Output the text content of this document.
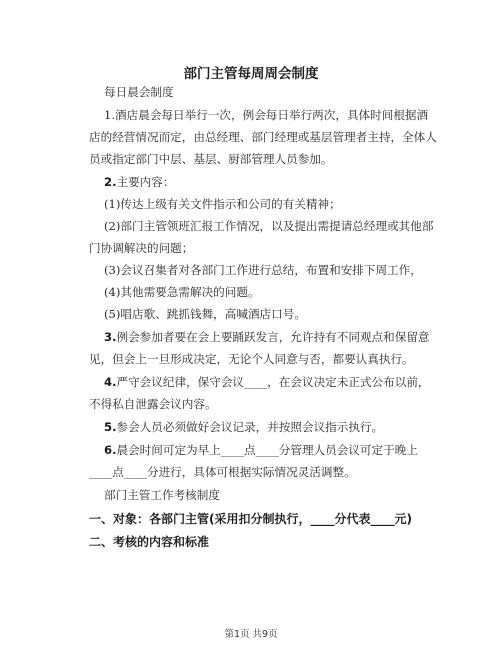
部门主管每周周会制度
每日晨会制度
1.酒店晨会每日举行一次，例会每日举行两次，具体时间根据酒
店的经营情况而定，由总经理、部门经理或基层管理者主持，全体人
员或指定部门中层、基层、厨部管理人员参加。
2.主要内容：
(1)传达上级有关文件指示和公司的有关精神；
(2)部门主管领班汇报工作情况，以及提出需提请总经理或其他部
门协调解决的问题；
(3)会议召集者对各部门工作进行总结，布置和安排下周工作，
(4)其他需要急需解决的问题。
(5)唱店歌、跳抓钱舞，高喊酒店口号。
3.例会参加者要在会上要踊跃发言，允许持有不同观点和保留意
见，但会上一旦形成决定，无论个人同意与否，都要认真执行。
4.严守会议纪律，保守会议____，在会议决定未正式公布以前，
不得私自泄露会议内容。
5.参会人员必须做好会议记录，并按照会议指示执行。
6.晨会时间可定为早上____点____分管理人员会议可定于晚上
____点____分进行，具体可根据实际情况灵活调整。
部门主管工作考核制度
一、对象：各部门主管(采用扣分制执行，____分代表____元)
二、考核的内容和标准
第1页 共9页
